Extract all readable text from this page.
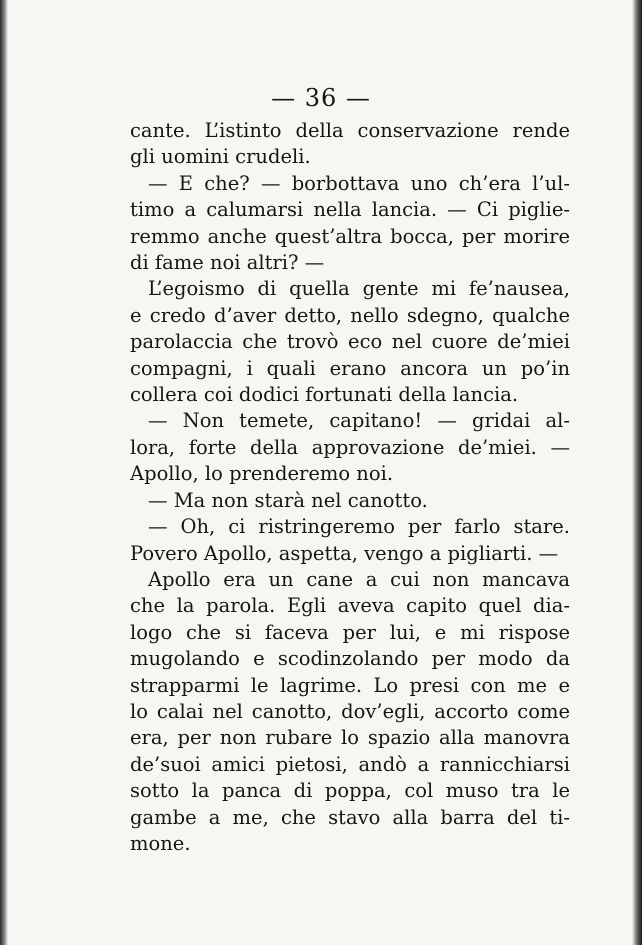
— 36 —
cante. L’istinto della conservazione rende
gli uomini crudeli.
— E che? — borbottava uno ch’era l’ul-
timo a calumarsi nella lancia. — Ci piglie-
remmo anche quest’altra bocca, per morire
di fame noi altri? —
L’egoismo di quella gente mi fe’nausea,
e credo d’aver detto, nello sdegno, qualche
parolaccia che trovò eco nel cuore de’miei
compagni, i quali erano ancora un po’in
collera coi dodici fortunati della lancia.
— Non temete, capitano! — gridai al-
lora, forte della approvazione de’miei. —
Apollo, lo prenderemo noi.
— Ma non starà nel canotto.
— Oh, ci ristringeremo per farlo stare.
Povero Apollo, aspetta, vengo a pigliarti. —
Apollo era un cane a cui non mancava
che la parola. Egli aveva capito quel dia-
logo che si faceva per lui, e mi rispose
mugolando e scodinzolando per modo da
strapparmi le lagrime. Lo presi con me e
lo calai nel canotto, dov’egli, accorto come
era, per non rubare lo spazio alla manovra
de’suoi amici pietosi, andò a rannicchiarsi
sotto la panca di poppa, col muso tra le
gambe a me, che stavo alla barra del ti-
mone.
